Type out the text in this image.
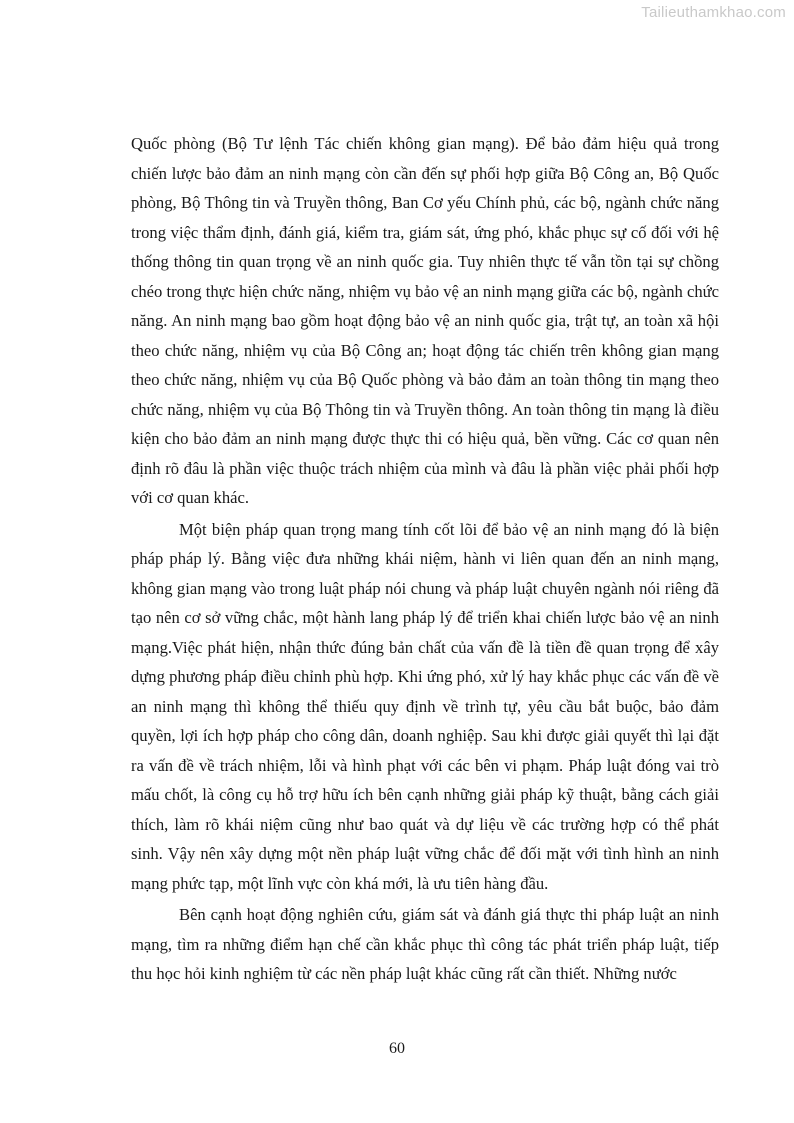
Tailieuthamkhao.com

Quốc phòng (Bộ Tư lệnh Tác chiến không gian mạng). Để bảo đảm hiệu quả trong chiến lược bảo đảm an ninh mạng còn cần đến sự phối hợp giữa Bộ Công an, Bộ Quốc phòng, Bộ Thông tin và Truyền thông, Ban Cơ yếu Chính phủ, các bộ, ngành chức năng trong việc thẩm định, đánh giá, kiểm tra, giám sát, ứng phó, khắc phục sự cố đối với hệ thống thông tin quan trọng về an ninh quốc gia. Tuy nhiên thực tế vẫn tồn tại sự chồng chéo trong thực hiện chức năng, nhiệm vụ bảo vệ an ninh mạng giữa các bộ, ngành chức năng. An ninh mạng bao gồm hoạt động bảo vệ an ninh quốc gia, trật tự, an toàn xã hội theo chức năng, nhiệm vụ của Bộ Công an; hoạt động tác chiến trên không gian mạng theo chức năng, nhiệm vụ của Bộ Quốc phòng và bảo đảm an toàn thông tin mạng theo chức năng, nhiệm vụ của Bộ Thông tin và Truyền thông. An toàn thông tin mạng là điều kiện cho bảo đảm an ninh mạng được thực thi có hiệu quả, bền vững. Các cơ quan nên định rõ đâu là phần việc thuộc trách nhiệm của mình và đâu là phần việc phải phối hợp với cơ quan khác.

Một biện pháp quan trọng mang tính cốt lõi để bảo vệ an ninh mạng đó là biện pháp pháp lý. Bằng việc đưa những khái niệm, hành vi liên quan đến an ninh mạng, không gian mạng vào trong luật pháp nói chung và pháp luật chuyên ngành nói riêng đã tạo nên cơ sở vững chắc, một hành lang pháp lý để triển khai chiến lược bảo vệ an ninh mạng.Việc phát hiện, nhận thức đúng bản chất của vấn đề là tiền đề quan trọng để xây dựng phương pháp điều chỉnh phù hợp. Khi ứng phó, xử lý hay khắc phục các vấn đề về an ninh mạng thì không thể thiếu quy định về trình tự, yêu cầu bắt buộc, bảo đảm quyền, lợi ích hợp pháp cho công dân, doanh nghiệp. Sau khi được giải quyết thì lại đặt ra vấn đề về trách nhiệm, lỗi và hình phạt với các bên vi phạm. Pháp luật đóng vai trò mấu chốt, là công cụ hỗ trợ hữu ích bên cạnh những giải pháp kỹ thuật, bằng cách giải thích, làm rõ khái niệm cũng như bao quát và dự liệu về các trường hợp có thể phát sinh. Vậy nên xây dựng một nền pháp luật vững chắc để đối mặt với tình hình an ninh mạng phức tạp, một lĩnh vực còn khá mới, là ưu tiên hàng đầu.

Bên cạnh hoạt động nghiên cứu, giám sát và đánh giá thực thi pháp luật an ninh mạng, tìm ra những điểm hạn chế cần khắc phục thì công tác phát triển pháp luật, tiếp thu học hỏi kinh nghiệm từ các nền pháp luật khác cũng rất cần thiết. Những nước

60
